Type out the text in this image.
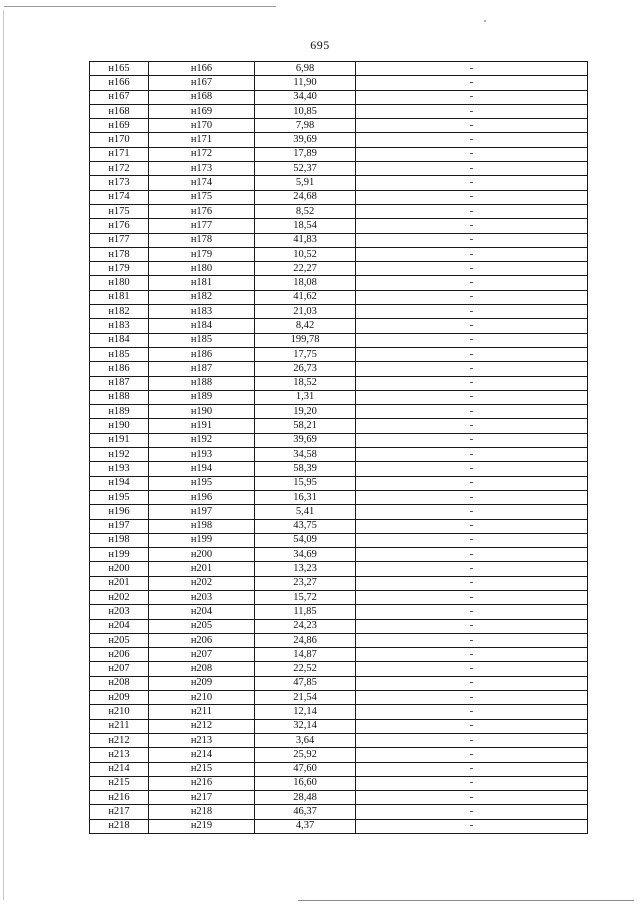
695
н165	н166	6,98	-
н166	н167	11,90	-
н167	н168	34,40	-
н168	н169	10,85	-
н169	н170	7,98	-
н170	н171	39,69	-
н171	н172	17,89	-
н172	н173	52,37	-
н173	н174	5,91	-
н174	н175	24,68	-
н175	н176	8,52	-
н176	н177	18,54	-
н177	н178	41,83	-
н178	н179	10,52	-
н179	н180	22,27	-
н180	н181	18,08	-
н181	н182	41,62	-
н182	н183	21,03	-
н183	н184	8,42	-
н184	н185	199,78	-
н185	н186	17,75	-
н186	н187	26,73	-
н187	н188	18,52	-
н188	н189	1,31	-
н189	н190	19,20	-
н190	н191	58,21	-
н191	н192	39,69	-
н192	н193	34,58	-
н193	н194	58,39	-
н194	н195	15,95	-
н195	н196	16,31	-
н196	н197	5,41	-
н197	н198	43,75	-
н198	н199	54,09	-
н199	н200	34,69	-
н200	н201	13,23	-
н201	н202	23,27	-
н202	н203	15,72	-
н203	н204	11,85	-
н204	н205	24,23	-
н205	н206	24,86	-
н206	н207	14,87	-
н207	н208	22,52	-
н208	н209	47,85	-
н209	н210	21,54	-
н210	н211	12,14	-
н211	н212	32,14	-
н212	н213	3,64	-
н213	н214	25,92	-
н214	н215	47,60	-
н215	н216	16,60	-
н216	н217	28,48	-
н217	н218	46,37	-
н218	н219	4,37	-
